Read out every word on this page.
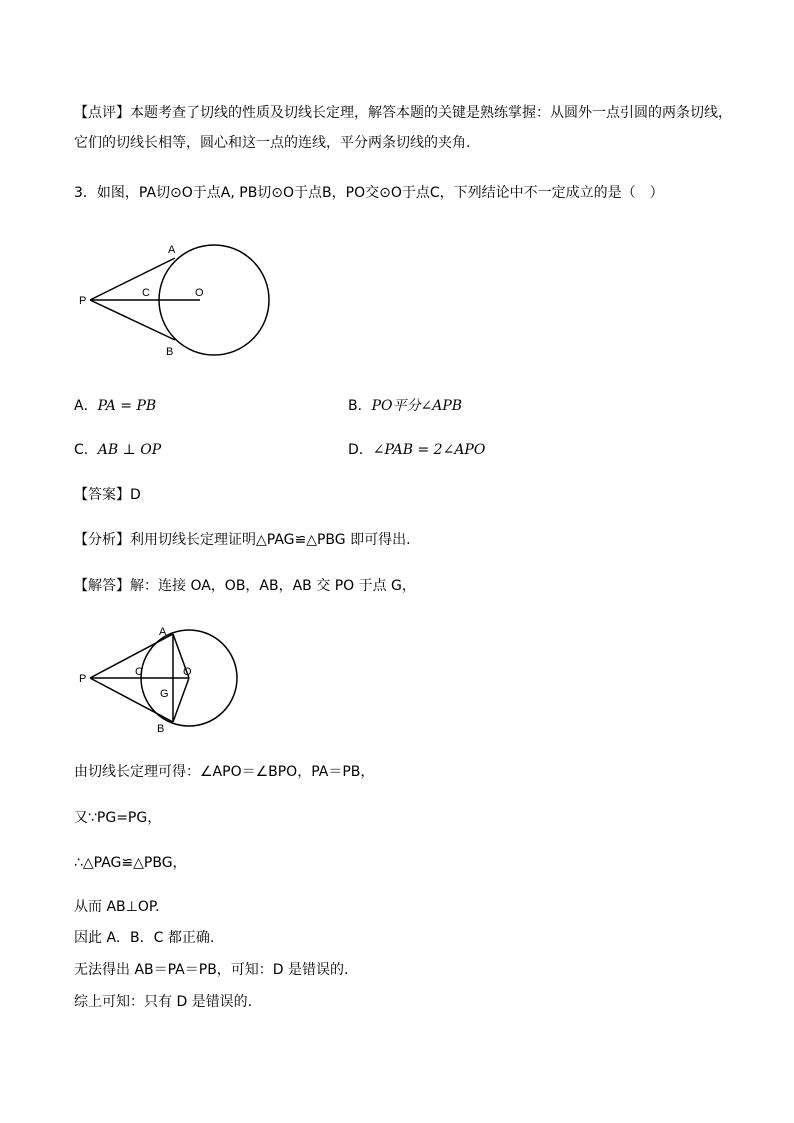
【点评】本题考查了切线的性质及切线长定理，解答本题的关键是熟练掌握：从圆外一点引圆的两条切线，
它们的切线长相等，圆心和这一点的连线，平分两条切线的夹角.
3．如图，PA切⊙O于点A, PB切⊙O于点B，PO交⊙O于点C，下列结论中不一定成立的是（　）
A
B
C	O
P
A．PA = PB	B．PO平分∠APB
C．AB ⊥ OP	D．∠PAB = 2∠APO
【答案】D
【分析】利用切线长定理证明△PAG≌△PBG 即可得出.
【解答】解：连接 OA，OB，AB，AB 交 PO 于点 G，
A
B
C	O
G
P
由切线长定理可得：∠APO＝∠BPO，PA＝PB，
又∵PG=PG，
∴△PAG≌△PBG，
从而 AB⊥OP.
因此 A．B．C 都正确.
无法得出 AB＝PA＝PB，可知：D 是错误的.
综上可知：只有 D 是错误的.
